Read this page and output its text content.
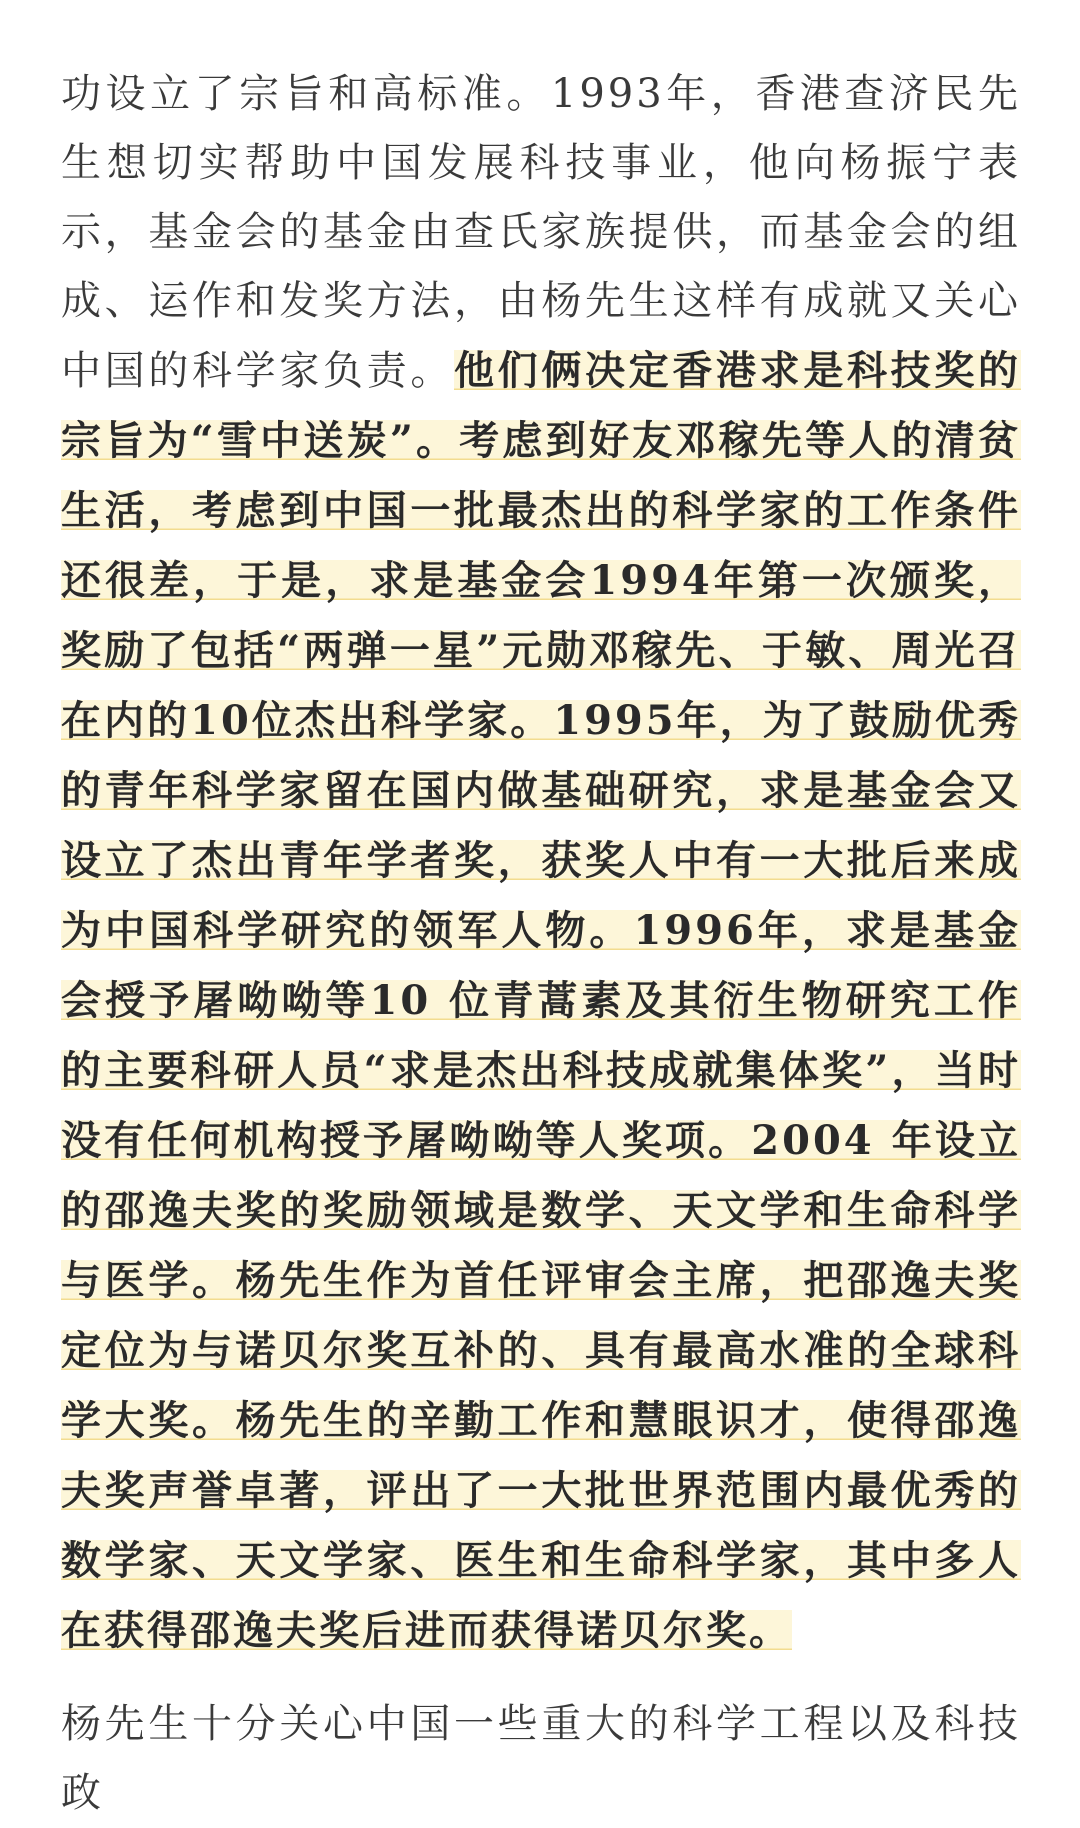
功设立了宗旨和高标准。1993年，香港查济民先生想切实帮助中国发展科技事业，他向杨振宁表示，基金会的基金由查氏家族提供，而基金会的组成、运作和发奖方法，由杨先生这样有成就又关心中国的科学家负责。他们俩决定香港求是科技奖的宗旨为“雪中送炭”。考虑到好友邓稼先等人的清贫生活，考虑到中国一批最杰出的科学家的工作条件还很差，于是，求是基金会1994年第一次颁奖，奖励了包括“两弹一星”元勋邓稼先、于敏、周光召在内的10位杰出科学家。1995年，为了鼓励优秀的青年科学家留在国内做基础研究，求是基金会又设立了杰出青年学者奖，获奖人中有一大批后来成为中国科学研究的领军人物。1996年，求是基金会授予屠呦呦等10 位青蒿素及其衍生物研究工作的主要科研人员“求是杰出科技成就集体奖”，当时没有任何机构授予屠呦呦等人奖项。2004 年设立的邵逸夫奖的奖励领域是数学、天文学和生命科学与医学。杨先生作为首任评审会主席，把邵逸夫奖定位为与诺贝尔奖互补的、具有最高水准的全球科学大奖。杨先生的辛勤工作和慧眼识才，使得邵逸夫奖声誉卓著，评出了一大批世界范围内最优秀的数学家、天文学家、医生和生命科学家，其中多人在获得邵逸夫奖后进而获得诺贝尔奖。

杨先生十分关心中国一些重大的科学工程以及科技政
